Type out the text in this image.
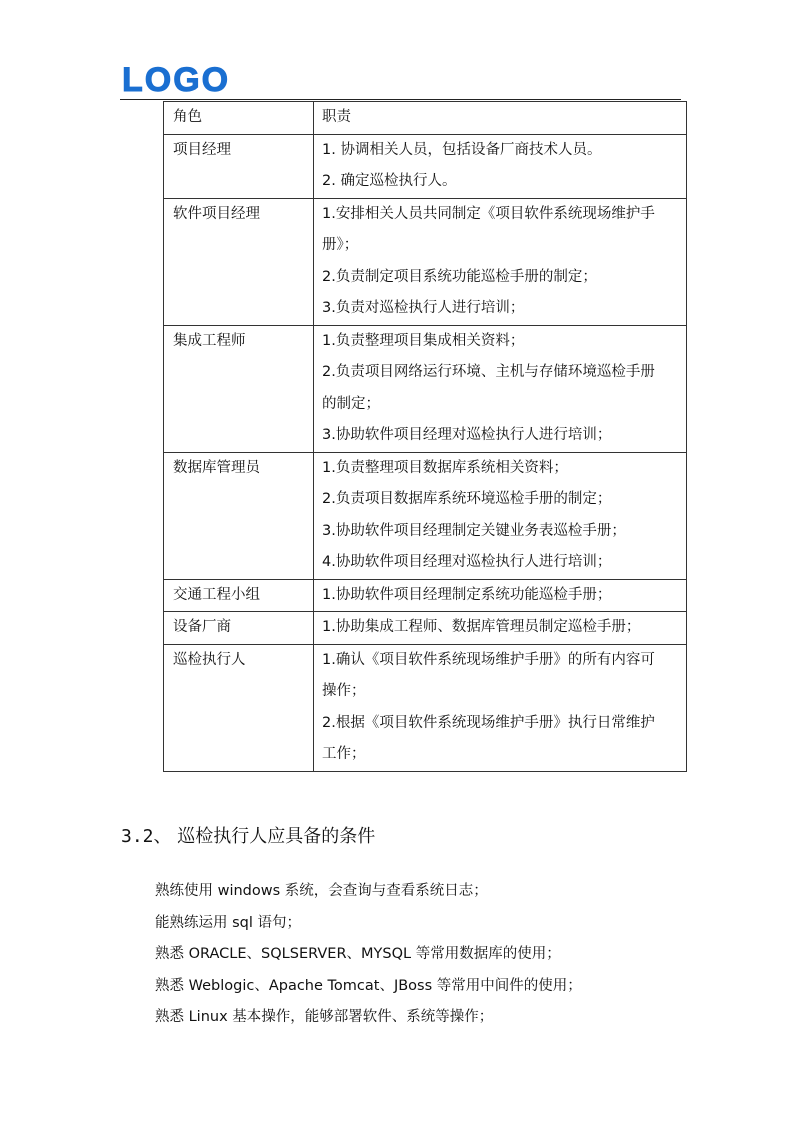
LOGO
角色	职责
项目经理	1. 协调相关人员，包括设备厂商技术人员。
2. 确定巡检执行人。

软件项目经理	1.安排相关人员共同制定《项目软件系统现场维护手
册》；
2.负责制定项目系统功能巡检手册的制定；
3.负责对巡检执行人进行培训；

集成工程师	1.负责整理项目集成相关资料；
2.负责项目网络运行环境、主机与存储环境巡检手册
的制定；
3.协助软件项目经理对巡检执行人进行培训；

数据库管理员	1.负责整理项目数据库系统相关资料；
2.负责项目数据库系统环境巡检手册的制定；
3.协助软件项目经理制定关键业务表巡检手册；
4.协助软件项目经理对巡检执行人进行培训；

交通工程小组	1.协助软件项目经理制定系统功能巡检手册；

设备厂商	1.协助集成工程师、数据库管理员制定巡检手册；

巡检执行人	1.确认《项目软件系统现场维护手册》的所有内容可
操作；
2.根据《项目软件系统现场维护手册》执行日常维护
工作；
3.2、 巡检执行人应具备的条件
熟练使用 windows 系统，会查询与查看系统日志；
能熟练运用 sql 语句；
熟悉 ORACLE、SQLSERVER、MYSQL 等常用数据库的使用；
熟悉 Weblogic、Apache Tomcat、JBoss 等常用中间件的使用；
熟悉 Linux 基本操作，能够部署软件、系统等操作；
